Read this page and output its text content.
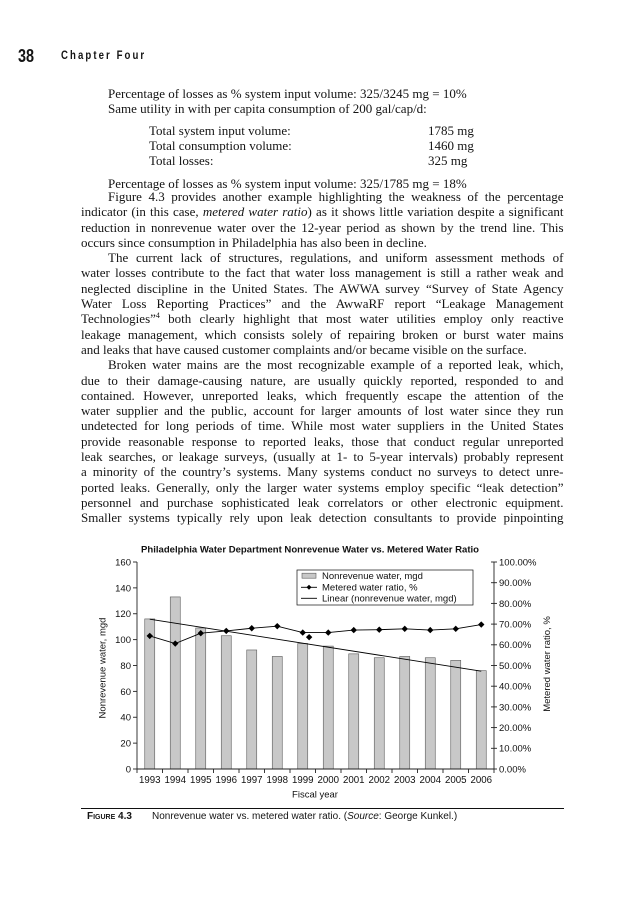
38 Chapter Four
Percentage of losses as % system input volume: 325/3245 mg = 10%
Same utility in with per capita consumption of 200 gal/cap/d:
Total system input volume:	1785 mg
Total consumption volume:	1460 mg
Total losses:	325 mg
Percentage of losses as % system input volume: 325/1785 mg = 18%
Figure 4.3 provides another example highlighting the weakness of the percentage
indicator (in this case, metered water ratio) as it shows little variation despite a significant
reduction in nonrevenue water over the 12-year period as shown by the trend line. This
occurs since consumption in Philadelphia has also been in decline.
The current lack of structures, regulations, and uniform assessment methods of
water losses contribute to the fact that water loss management is still a rather weak and
neglected discipline in the United States. The AWWA survey “Survey of State Agency
Water Loss Reporting Practices” and the AwwaRF report “Leakage Management
Technologies”$^4$ both clearly highlight that most water utilities employ only reactive
leakage management, which consists solely of repairing broken or burst water mains
and leaks that have caused customer complaints and/or became visible on the surface.
Broken water mains are the most recognizable example of a reported leak, which,
due to their damage-causing nature, are usually quickly reported, responded to and
contained. However, unreported leaks, which frequently escape the attention of the
water supplier and the public, account for larger amounts of lost water since they run
undetected for long periods of time. While most water suppliers in the United States
provide reasonable response to reported leaks, those that conduct regular unreported
leak searches, or leakage surveys, (usually at 1- to 5-year intervals) probably represent
a minority of the country’s systems. Many systems conduct no surveys to detect unre-
ported leaks. Generally, only the larger water systems employ specific “leak detection”
personnel and purchase sophisticated leak correlators or other electronic equipment.
Smaller systems typically rely upon leak detection consultants to provide pinpointing
Philadelphia Water Department Nonrevenue Water vs. Metered Water Ratio
0
20
40
60
80
100
120
140
160
0.00%
10.00%
20.00%
30.00%
40.00%
50.00%
60.00%
70.00%
80.00%
90.00%
100.00%
1993 1994 1995 1996 1997 1998 1999 2000 2001 2002 2003 2004 2005 2006
Nonrevenue water, mgd	Metered water ratio, %
Fiscal year
Nonrevenue water, mgd
Metered water ratio, %
Linear (nonrevenue water, mgd)
Figure 4.3 Nonrevenue water vs. metered water ratio. (Source: George Kunkel.)
